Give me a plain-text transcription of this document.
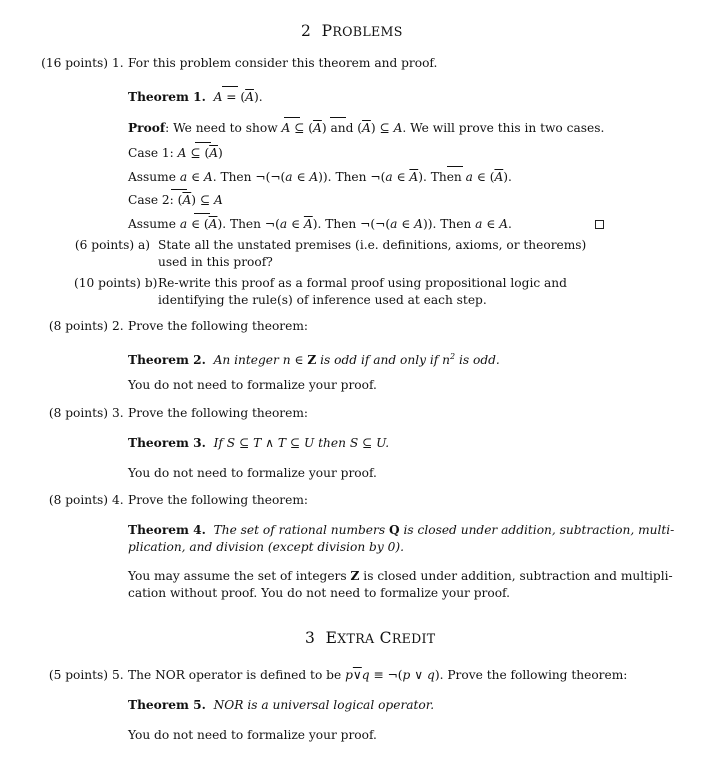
2 PROBLEMS
(16 points) 1. For this problem consider this theorem and proof.
Theorem 1. $A = (\overline{A})$.
Proof: We need to show A ⊆ $(\overline{A})$ and $(\overline{A})$ ⊆ A. We will prove this in two cases.
Case 1: A ⊆ $(\overline{A})$
Assume a ∈ A. Then ¬(¬(a ∈ A)). Then ¬(a ∈ $\overline{A}$). Then a ∈ $(\overline{A})$.
Case 2: $(\overline{A})$ ⊆ A
Assume a ∈ $(\overline{A})$. Then ¬(a ∈ $\overline{A}$). Then ¬(¬(a ∈ A)). Then a ∈ A.
(6 points) a) State all the unstated premises (i.e. definitions, axioms, or theorems) used in this proof?
(10 points) b) Re-write this proof as a formal proof using propositional logic and identifying the rule(s) of inference used at each step.
(8 points) 2. Prove the following theorem:
Theorem 2. An integer n ∈ Z is odd if and only if $n^2$ is odd.
You do not need to formalize your proof.
(8 points) 3. Prove the following theorem:
Theorem 3. If S ⊆ T ∧ T ⊆ U then S ⊆ U.
You do not need to formalize your proof.
(8 points) 4. Prove the following theorem:
Theorem 4. The set of rational numbers Q is closed under addition, subtraction, multi-
plication, and division (except division by 0).
You may assume the set of integers Z is closed under addition, subtraction and multipli-
cation without proof. You do not need to formalize your proof.
3 EXTRA CREDIT
(5 points) 5. The NOR operator is defined to be p∨q ≡ ¬(p ∨ q). Prove the following theorem:
Theorem 5. NOR is a universal logical operator.
You do not need to formalize your proof.
